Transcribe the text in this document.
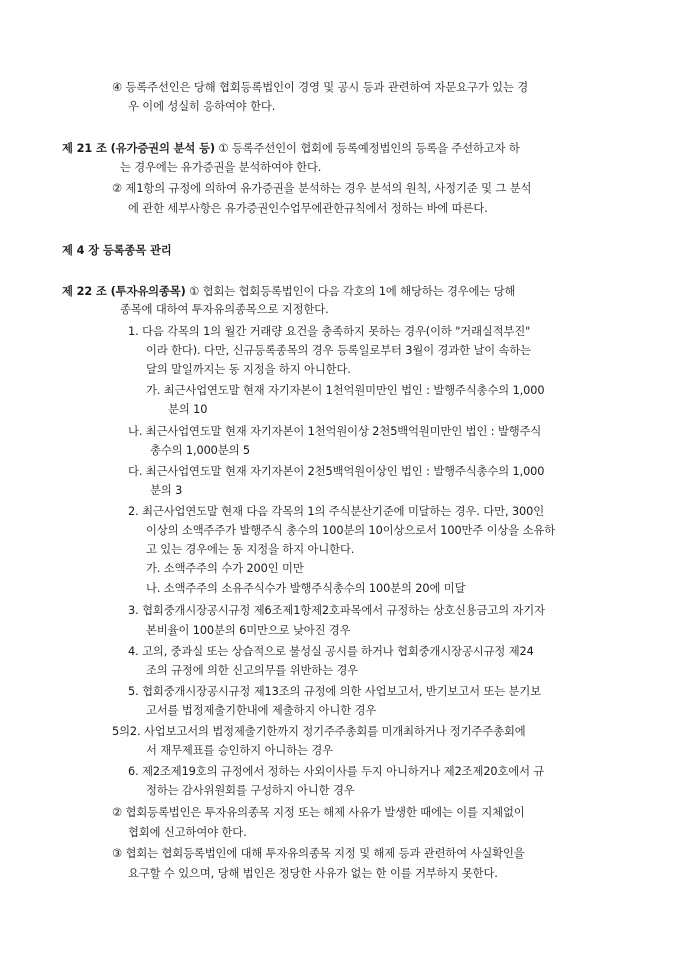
④ 등록주선인은 당해 협회등록법인이 경영 및 공시 등과 관련하여 자문요구가 있는 경
우 이에 성실히 응하여야 한다.
제 21 조 (유가증권의 분석 등) ① 등록주선인이 협회에 등록예정법인의 등록을 주선하고자 하
는 경우에는 유가증권을 분석하여야 한다.
② 제1항의 규정에 의하여 유가증권을 분석하는 경우 분석의 원칙, 사정기준 및 그 분석
에 관한 세부사항은 유가증권인수업무에관한규칙에서 정하는 바에 따른다.
제 4 장 등록종목 관리
제 22 조 (투자유의종목) ① 협회는 협회등록법인이 다음 각호의 1에 해당하는 경우에는 당해
종목에 대하여 투자유의종목으로 지정한다.
1. 다음 각목의 1의 월간 거래량 요건을 충족하지 못하는 경우(이하 "거래실적부진"
이라 한다). 다만, 신규등록종목의 경우 등록일로부터 3월이 경과한 날이 속하는
달의 말일까지는 동 지정을 하지 아니한다.
가. 최근사업연도말 현재 자기자본이 1천억원미만인 법인 : 발행주식총수의 1,000
분의 10
나. 최근사업연도말 현재 자기자본이 1천억원이상 2천5백억원미만인 법인 : 발행주식
총수의 1,000분의 5
다. 최근사업연도말 현재 자기자본이 2천5백억원이상인 법인 : 발행주식총수의 1,000
분의 3
2. 최근사업연도말 현재 다음 각목의 1의 주식분산기준에 미달하는 경우. 다만, 300인
이상의 소액주주가 발행주식 총수의 100분의 10이상으로서 100만주 이상을 소유하
고 있는 경우에는 동 지정을 하지 아니한다.
가. 소액주주의 수가 200인 미만
나. 소액주주의 소유주식수가 발행주식총수의 100분의 20에 미달
3. 협회중개시장공시규정 제6조제1항제2호파목에서 규정하는 상호신용금고의 자기자
본비율이 100분의 6미만으로 낮아진 경우
4. 고의, 중과실 또는 상습적으로 불성실 공시를 하거나 협회중개시장공시규정 제24
조의 규정에 의한 신고의무를 위반하는 경우
5. 협회중개시장공시규정 제13조의 규정에 의한 사업보고서, 반기보고서 또는 분기보
고서를 법정제출기한내에 제출하지 아니한 경우
5의2. 사업보고서의 법정제출기한까지 정기주주총회를 미개최하거나 정기주주총회에
서 재무제표를 승인하지 아니하는 경우
6. 제2조제19호의 규정에서 정하는 사외이사를 두지 아니하거나 제2조제20호에서 규
정하는 감사위원회를 구성하지 아니한 경우
② 협회등록법인은 투자유의종목 지정 또는 해제 사유가 발생한 때에는 이를 지체없이
협회에 신고하여야 한다.
③ 협회는 협회등록법인에 대해 투자유의종목 지정 및 해제 등과 관련하여 사실확인을
요구할 수 있으며, 당해 법인은 정당한 사유가 없는 한 이를 거부하지 못한다.
